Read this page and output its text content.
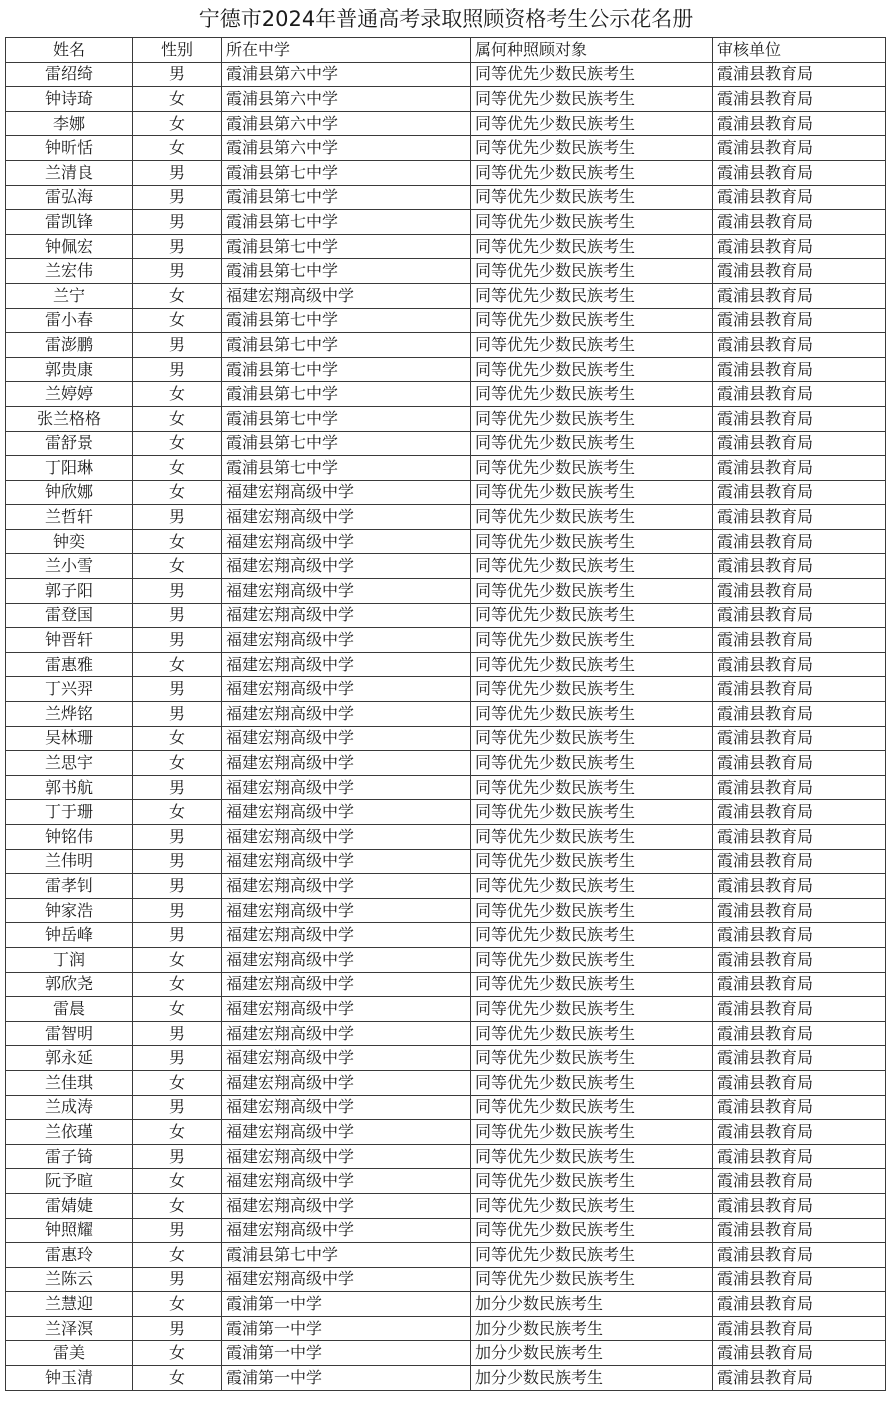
宁德市2024年普通高考录取照顾资格考生公示花名册
姓名	性别	所在中学	属何种照顾对象	审核单位
雷绍绮	男	霞浦县第六中学	同等优先少数民族考生	霞浦县教育局
钟诗琦	女	霞浦县第六中学	同等优先少数民族考生	霞浦县教育局
李娜	女	霞浦县第六中学	同等优先少数民族考生	霞浦县教育局
钟昕恬	女	霞浦县第六中学	同等优先少数民族考生	霞浦县教育局
兰清良	男	霞浦县第七中学	同等优先少数民族考生	霞浦县教育局
雷弘海	男	霞浦县第七中学	同等优先少数民族考生	霞浦县教育局
雷凯锋	男	霞浦县第七中学	同等优先少数民族考生	霞浦县教育局
钟佩宏	男	霞浦县第七中学	同等优先少数民族考生	霞浦县教育局
兰宏伟	男	霞浦县第七中学	同等优先少数民族考生	霞浦县教育局
兰宁	女	福建宏翔高级中学	同等优先少数民族考生	霞浦县教育局
雷小春	女	霞浦县第七中学	同等优先少数民族考生	霞浦县教育局
雷澎鹏	男	霞浦县第七中学	同等优先少数民族考生	霞浦县教育局
郭贵康	男	霞浦县第七中学	同等优先少数民族考生	霞浦县教育局
兰婷婷	女	霞浦县第七中学	同等优先少数民族考生	霞浦县教育局
张兰格格	女	霞浦县第七中学	同等优先少数民族考生	霞浦县教育局
雷舒景	女	霞浦县第七中学	同等优先少数民族考生	霞浦县教育局
丁阳琳	女	霞浦县第七中学	同等优先少数民族考生	霞浦县教育局
钟欣娜	女	福建宏翔高级中学	同等优先少数民族考生	霞浦县教育局
兰哲轩	男	福建宏翔高级中学	同等优先少数民族考生	霞浦县教育局
钟奕	女	福建宏翔高级中学	同等优先少数民族考生	霞浦县教育局
兰小雪	女	福建宏翔高级中学	同等优先少数民族考生	霞浦县教育局
郭子阳	男	福建宏翔高级中学	同等优先少数民族考生	霞浦县教育局
雷登国	男	福建宏翔高级中学	同等优先少数民族考生	霞浦县教育局
钟晋轩	男	福建宏翔高级中学	同等优先少数民族考生	霞浦县教育局
雷惠雅	女	福建宏翔高级中学	同等优先少数民族考生	霞浦县教育局
丁兴羿	男	福建宏翔高级中学	同等优先少数民族考生	霞浦县教育局
兰烨铭	男	福建宏翔高级中学	同等优先少数民族考生	霞浦县教育局
吴林珊	女	福建宏翔高级中学	同等优先少数民族考生	霞浦县教育局
兰思宇	女	福建宏翔高级中学	同等优先少数民族考生	霞浦县教育局
郭书航	男	福建宏翔高级中学	同等优先少数民族考生	霞浦县教育局
丁于珊	女	福建宏翔高级中学	同等优先少数民族考生	霞浦县教育局
钟铭伟	男	福建宏翔高级中学	同等优先少数民族考生	霞浦县教育局
兰伟明	男	福建宏翔高级中学	同等优先少数民族考生	霞浦县教育局
雷孝钊	男	福建宏翔高级中学	同等优先少数民族考生	霞浦县教育局
钟家浩	男	福建宏翔高级中学	同等优先少数民族考生	霞浦县教育局
钟岳峰	男	福建宏翔高级中学	同等优先少数民族考生	霞浦县教育局
丁润	女	福建宏翔高级中学	同等优先少数民族考生	霞浦县教育局
郭欣尧	女	福建宏翔高级中学	同等优先少数民族考生	霞浦县教育局
雷晨	女	福建宏翔高级中学	同等优先少数民族考生	霞浦县教育局
雷智明	男	福建宏翔高级中学	同等优先少数民族考生	霞浦县教育局
郭永延	男	福建宏翔高级中学	同等优先少数民族考生	霞浦县教育局
兰佳琪	女	福建宏翔高级中学	同等优先少数民族考生	霞浦县教育局
兰成涛	男	福建宏翔高级中学	同等优先少数民族考生	霞浦县教育局
兰依瑾	女	福建宏翔高级中学	同等优先少数民族考生	霞浦县教育局
雷子锜	男	福建宏翔高级中学	同等优先少数民族考生	霞浦县教育局
阮予暄	女	福建宏翔高级中学	同等优先少数民族考生	霞浦县教育局
雷婧婕	女	福建宏翔高级中学	同等优先少数民族考生	霞浦县教育局
钟照耀	男	福建宏翔高级中学	同等优先少数民族考生	霞浦县教育局
雷惠玲	女	霞浦县第七中学	同等优先少数民族考生	霞浦县教育局
兰陈云	男	福建宏翔高级中学	同等优先少数民族考生	霞浦县教育局
兰慧迎	女	霞浦第一中学	加分少数民族考生	霞浦县教育局
兰泽溟	男	霞浦第一中学	加分少数民族考生	霞浦县教育局
雷美	女	霞浦第一中学	加分少数民族考生	霞浦县教育局
钟玉清	女	霞浦第一中学	加分少数民族考生	霞浦县教育局
